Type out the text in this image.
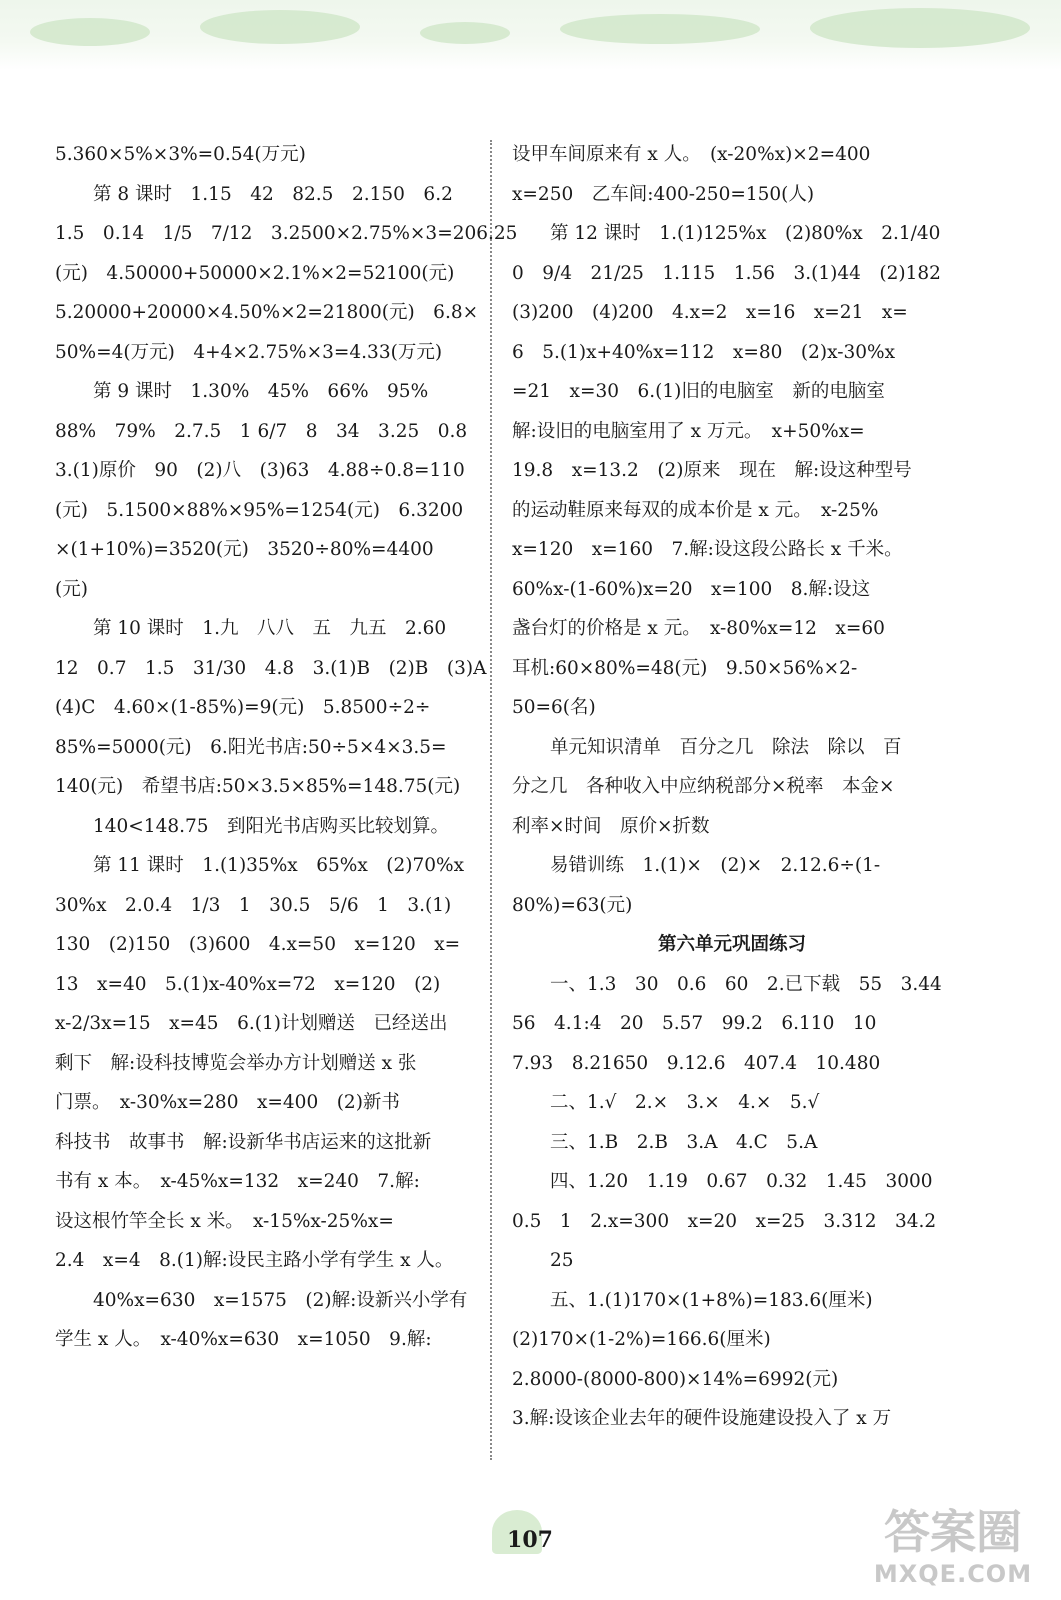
5.360×5%×3%=0.54(万元)
第 8 课时　1.15　42　82.5　2.150　6.2
1.5　0.14　1/5　7/12　3.2500×2.75%×3=206.25
(元)　4.50000+50000×2.1%×2=52100(元)
5.20000+20000×4.50%×2=21800(元)　6.8×
50%=4(万元)　4+4×2.75%×3=4.33(万元)
第 9 课时　1.30%　45%　66%　95%
88%　79%　2.7.5　1 6/7　8　34　3.25　0.8
3.(1)原价　90　(2)八　(3)63　4.88÷0.8=110
(元)　5.1500×88%×95%=1254(元)　6.3200
×(1+10%)=3520(元)　3520÷80%=4400
(元)
第 10 课时　1.九　八八　五　九五　2.60
12　0.7　1.5　31/30　4.8　3.(1)B　(2)B　(3)A
(4)C　4.60×(1-85%)=9(元)　5.8500÷2÷
85%=5000(元)　6.阳光书店:50÷5×4×3.5=
140(元)　希望书店:50×3.5×85%=148.75(元)
140<148.75　到阳光书店购买比较划算。
第 11 课时　1.(1)35%x　65%x　(2)70%x
30%x　2.0.4　1/3　1　30.5　5/6　1　3.(1)
130　(2)150　(3)600　4.x=50　x=120　x=
13　x=40　5.(1)x-40%x=72　x=120　(2)
x-2/3x=15　x=45　6.(1)计划赠送　已经送出
剩下　解:设科技博览会举办方计划赠送 x 张
门票。　x-30%x=280　x=400　(2)新书
科技书　故事书　解:设新华书店运来的这批新
书有 x 本。　x-45%x=132　x=240　7.解:
设这根竹竿全长 x 米。　x-15%x-25%x=
2.4　x=4　8.(1)解:设民主路小学有学生 x 人。
40%x=630　x=1575　(2)解:设新兴小学有
学生 x 人。　x-40%x=630　x=1050　9.解:
设甲车间原来有 x 人。　(x-20%x)×2=400
x=250　乙车间:400-250=150(人)
第 12 课时　1.(1)125%x　(2)80%x　2.1/40
0　9/4　21/25　1.115　1.56　3.(1)44　(2)182
(3)200　(4)200　4.x=2　x=16　x=21　x=
6　5.(1)x+40%x=112　x=80　(2)x-30%x
=21　x=30　6.(1)旧的电脑室　新的电脑室
解:设旧的电脑室用了 x 万元。　x+50%x=
19.8　x=13.2　(2)原来　现在　解:设这种型号
的运动鞋原来每双的成本价是 x 元。　x-25%
x=120　x=160　7.解:设这段公路长 x 千米。
60%x-(1-60%)x=20　x=100　8.解:设这
盏台灯的价格是 x 元。　x-80%x=12　x=60
耳机:60×80%=48(元)　9.50×56%×2-
50=6(名)
单元知识清单　百分之几　除法　除以　百
分之几　各种收入中应纳税部分×税率　本金×
利率×时间　原价×折数
易错训练　1.(1)×　(2)×　2.12.6÷(1-
80%)=63(元)
第六单元巩固练习
一、1.3　30　0.6　60　2.已下载　55　3.44
56　4.1:4　20　5.57　99.2　6.110　10
7.93　8.21650　9.12.6　407.4　10.480
二、1.√　2.×　3.×　4.×　5.√
三、1.B　2.B　3.A　4.C　5.A
四、1.20　1.19　0.67　0.32　1.45　3000
0.5　1　2.x=300　x=20　x=25　3.312　34.2
25
五、1.(1)170×(1+8%)=183.6(厘米)
(2)170×(1-2%)=166.6(厘米)
2.8000-(8000-800)×14%=6992(元)
3.解:设该企业去年的硬件设施建设投入了 x 万
107	答案圈
MXQE.COM
